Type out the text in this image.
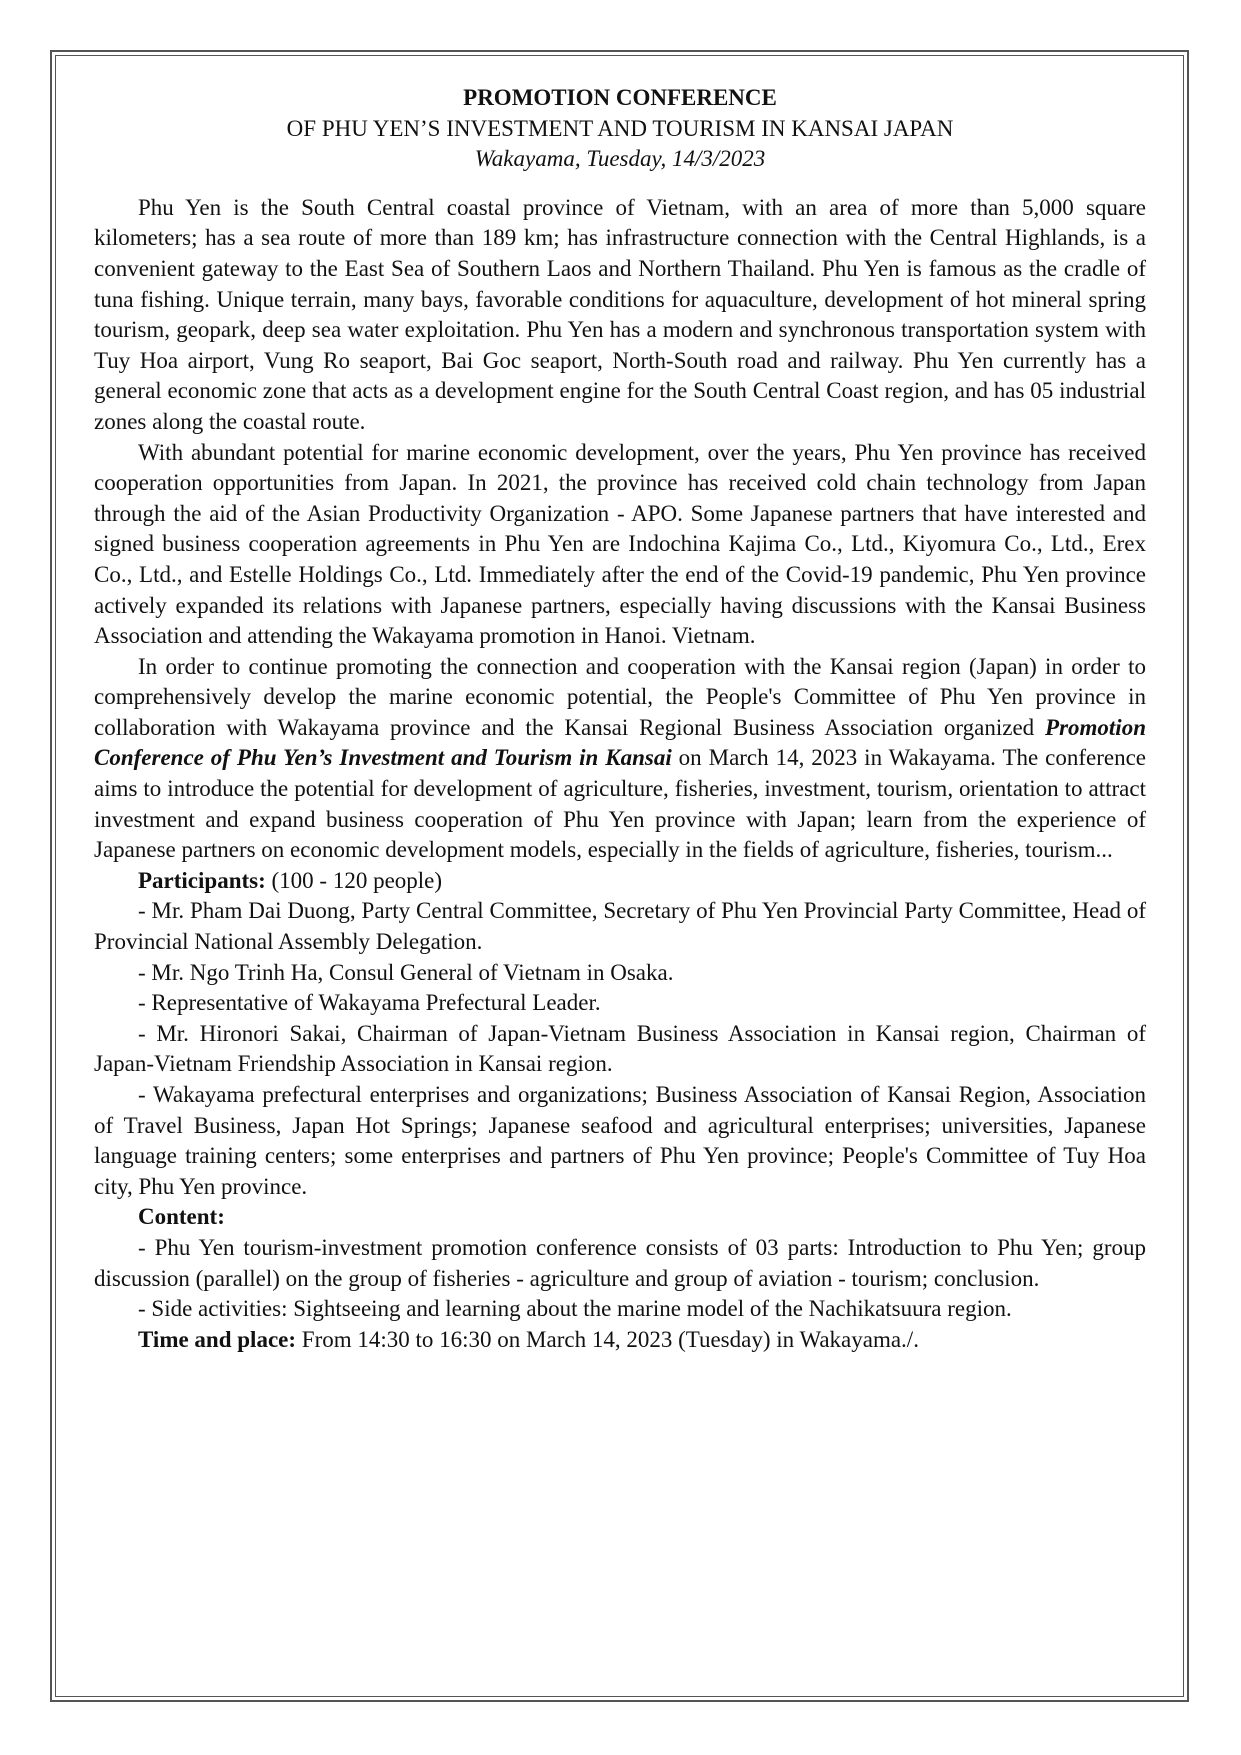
PROMOTION CONFERENCE

OF PHU YEN’S INVESTMENT AND TOURISM IN KANSAI JAPAN

Wakayama, Tuesday, 14/3/2023

Phu Yen is the South Central coastal province of Vietnam, with an area of more than 5,000 square kilometers; has a sea route of more than 189 km; has infrastructure connection with the Central Highlands, is a convenient gateway to the East Sea of Southern Laos and Northern Thailand. Phu Yen is famous as the cradle of tuna fishing. Unique terrain, many bays, favorable conditions for aquaculture, development of hot mineral spring tourism, geopark, deep sea water exploitation. Phu Yen has a modern and synchronous transportation system with Tuy Hoa airport, Vung Ro seaport, Bai Goc seaport, North-South road and railway. Phu Yen currently has a general economic zone that acts as a development engine for the South Central Coast region, and has 05 industrial zones along the coastal route.

With abundant potential for marine economic development, over the years, Phu Yen province has received cooperation opportunities from Japan. In 2021, the province has received cold chain technology from Japan through the aid of the Asian Productivity Organization - APO. Some Japanese partners that have interested and signed business cooperation agreements in Phu Yen are Indochina Kajima Co., Ltd., Kiyomura Co., Ltd., Erex Co., Ltd., and Estelle Holdings Co., Ltd. Immediately after the end of the Covid-19 pandemic, Phu Yen province actively expanded its relations with Japanese partners, especially having discussions with the Kansai Business Association and attending the Wakayama promotion in Hanoi. Vietnam.

In order to continue promoting the connection and cooperation with the Kansai region (Japan) in order to comprehensively develop the marine economic potential, the People's Committee of Phu Yen province in collaboration with Wakayama province and the Kansai Regional Business Association organized Promotion Conference of Phu Yen’s Investment and Tourism in Kansai on March 14, 2023 in Wakayama. The conference aims to introduce the potential for development of agriculture, fisheries, investment, tourism, orientation to attract investment and expand business cooperation of Phu Yen province with Japan; learn from the experience of Japanese partners on economic development models, especially in the fields of agriculture, fisheries, tourism...

Participants: (100 - 120 people)

- Mr. Pham Dai Duong, Party Central Committee, Secretary of Phu Yen Provincial Party Committee, Head of Provincial National Assembly Delegation.

- Mr. Ngo Trinh Ha, Consul General of Vietnam in Osaka.

- Representative of Wakayama Prefectural Leader.

- Mr. Hironori Sakai, Chairman of Japan-Vietnam Business Association in Kansai region, Chairman of Japan-Vietnam Friendship Association in Kansai region.

- Wakayama prefectural enterprises and organizations; Business Association of Kansai Region, Association of Travel Business, Japan Hot Springs; Japanese seafood and agricultural enterprises; universities, Japanese language training centers; some enterprises and partners of Phu Yen province; People's Committee of Tuy Hoa city, Phu Yen province.

Content:

- Phu Yen tourism-investment promotion conference consists of 03 parts: Introduction to Phu Yen; group discussion (parallel) on the group of fisheries - agriculture and group of aviation - tourism; conclusion.

- Side activities: Sightseeing and learning about the marine model of the Nachikatsuura region.

Time and place: From 14:30 to 16:30 on March 14, 2023 (Tuesday) in Wakayama./.
